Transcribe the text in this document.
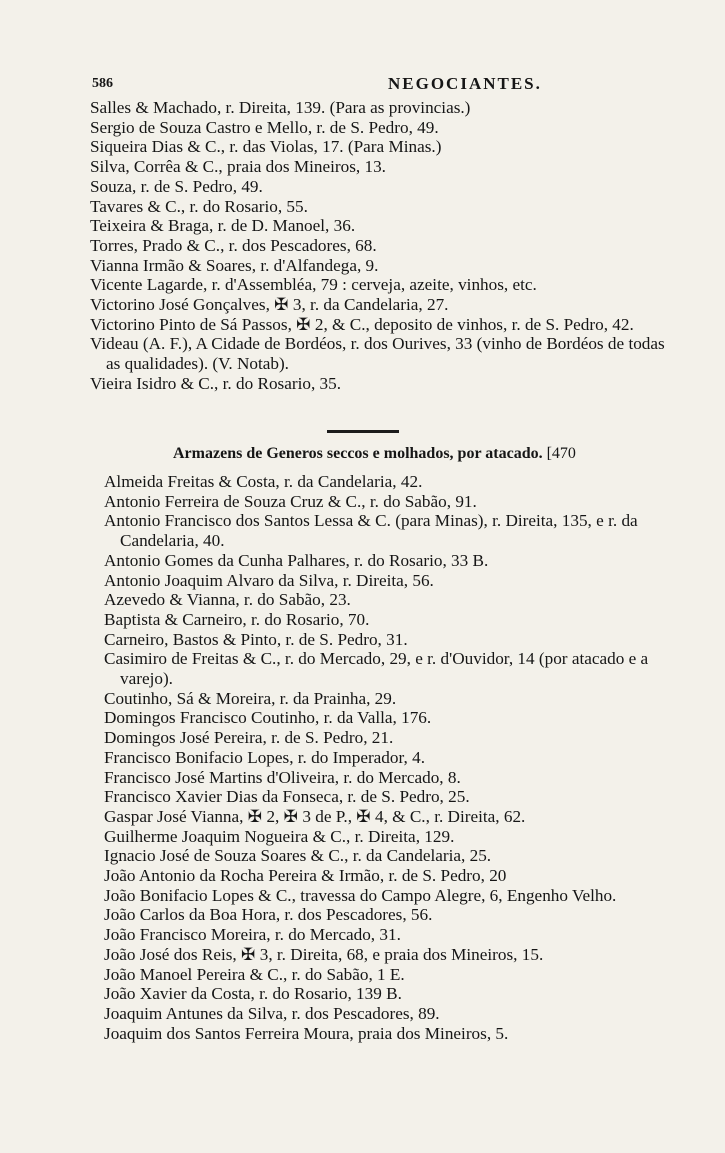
586	NEGOCIANTES.
Salles & Machado, r. Direita, 139. (Para as provincias.)
Sergio de Souza Castro e Mello, r. de S. Pedro, 49.
Siqueira Dias & C., r. das Violas, 17. (Para Minas.)
Silva, Corrêa & C., praia dos Mineiros, 13.
Souza, r. de S. Pedro, 49.
Tavares & C., r. do Rosario, 55.
Teixeira & Braga, r. de D. Manoel, 36.
Torres, Prado & C., r. dos Pescadores, 68.
Vianna Irmão & Soares, r. d'Alfandega, 9.
Vicente Lagarde, r. d'Assembléa, 79 : cerveja, azeite, vinhos, etc.
Victorino José Gonçalves, ✠ 3, r. da Candelaria, 27.
Victorino Pinto de Sá Passos, ✠ 2, & C., deposito de vinhos, r. de S. Pedro, 42.
Videau (A. F.), A Cidade de Bordéos, r. dos Ourives, 33 (vinho de Bordéos de todas as qualidades). (V. Notab).
Vieira Isidro & C., r. do Rosario, 35.
Armazens de Generos seccos e molhados, por atacado. [470
Almeida Freitas & Costa, r. da Candelaria, 42.
Antonio Ferreira de Souza Cruz & C., r. do Sabão, 91.
Antonio Francisco dos Santos Lessa & C. (para Minas), r. Direita, 135, e r. da Candelaria, 40.
Antonio Gomes da Cunha Palhares, r. do Rosario, 33 B.
Antonio Joaquim Alvaro da Silva, r. Direita, 56.
Azevedo & Vianna, r. do Sabão, 23.
Baptista & Carneiro, r. do Rosario, 70.
Carneiro, Bastos & Pinto, r. de S. Pedro, 31.
Casimiro de Freitas & C., r. do Mercado, 29, e r. d'Ouvidor, 14 (por atacado e a varejo).
Coutinho, Sá & Moreira, r. da Prainha, 29.
Domingos Francisco Coutinho, r. da Valla, 176.
Domingos José Pereira, r. de S. Pedro, 21.
Francisco Bonifacio Lopes, r. do Imperador, 4.
Francisco José Martins d'Oliveira, r. do Mercado, 8.
Francisco Xavier Dias da Fonseca, r. de S. Pedro, 25.
Gaspar José Vianna, ✠ 2, ✠ 3 de P., ✠ 4, & C., r. Direita, 62.
Guilherme Joaquim Nogueira & C., r. Direita, 129.
Ignacio José de Souza Soares & C., r. da Candelaria, 25.
João Antonio da Rocha Pereira & Irmão, r. de S. Pedro, 20
João Bonifacio Lopes & C., travessa do Campo Alegre, 6, Engenho Velho.
João Carlos da Boa Hora, r. dos Pescadores, 56.
João Francisco Moreira, r. do Mercado, 31.
João José dos Reis, ✠ 3, r. Direita, 68, e praia dos Mineiros, 15.
João Manoel Pereira & C., r. do Sabão, 1 E.
João Xavier da Costa, r. do Rosario, 139 B.
Joaquim Antunes da Silva, r. dos Pescadores, 89.
Joaquim dos Santos Ferreira Moura, praia dos Mineiros, 5.
